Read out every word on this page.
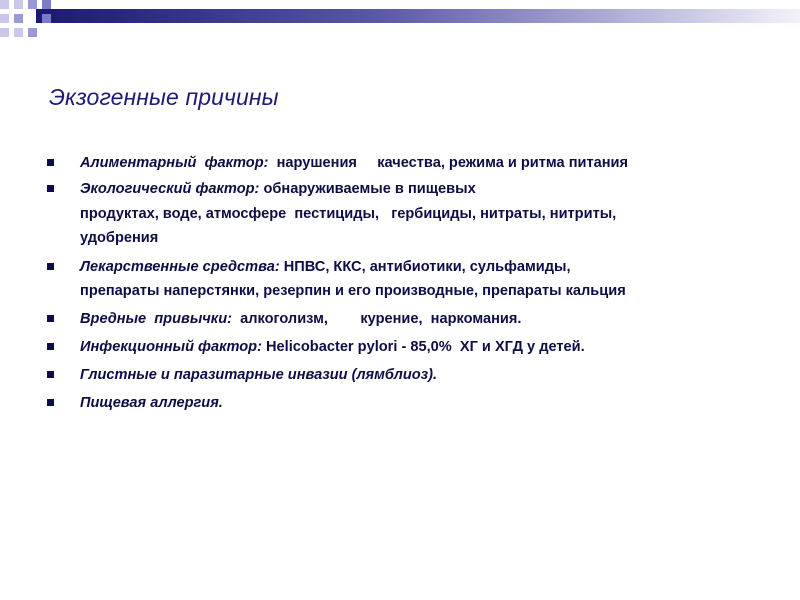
Экзогенные причины
Алиментарный  фактор:  нарушения     качества, режима и ритма питания
Экологический фактор: обнаруживаемые в пищевых
продуктах, воде, атмосфере  пестициды,   гербициды, нитраты, нитриты,
удобрения
Лекарственные средства: НПВС, ККС, антибиотики, сульфамиды,
препараты наперстянки, резерпин и его производные, препараты кальция
Вредные  привычки:  алкоголизм,        курение,  наркомания.
Инфекционный фактор: Helicobacter pylori - 85,0%  ХГ и ХГД у детей.
Глистные и паразитарные инвазии (лямблиоз).
Пищевая аллергия.
